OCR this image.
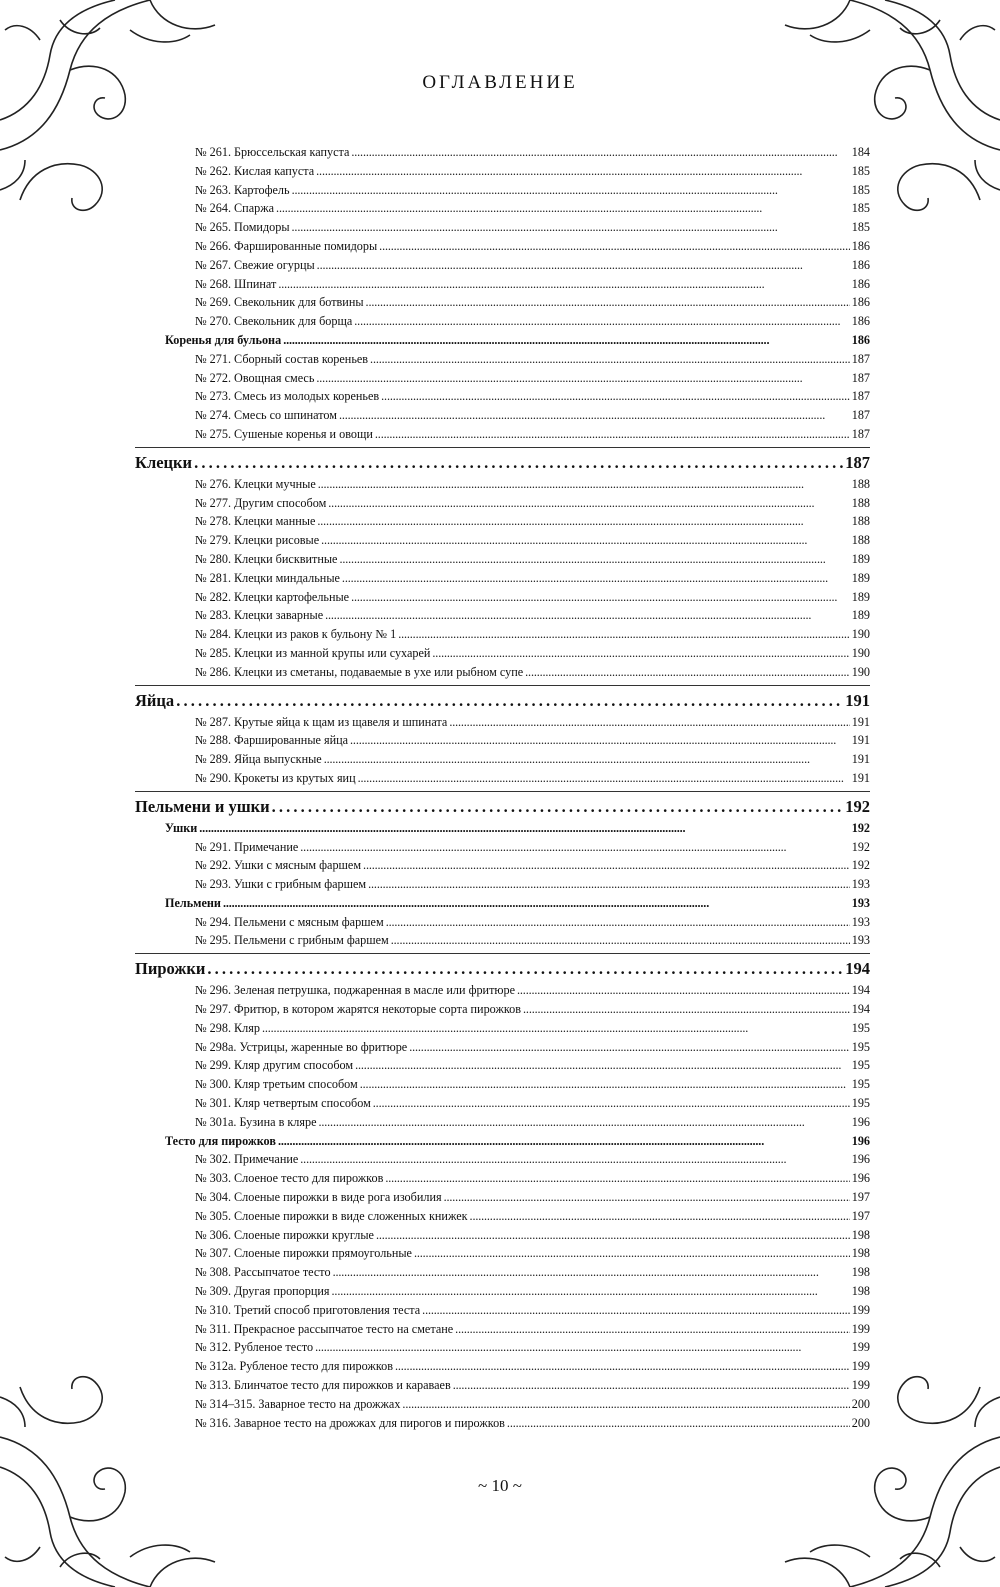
ОГЛАВЛЕНИЕ
№ 261. Брюссельская капуста . . .	184
№ 262. Кислая капуста . . .	185
№ 263. Картофель . . .	185
№ 264. Спаржа . . .	185
№ 265. Помидоры . . .	185
№ 266. Фаршированные помидоры . . .	186
№ 267. Свежие огурцы . . .	186
№ 268. Шпинат . . .	186
№ 269. Свекольник для ботвины . . .	186
№ 270. Свекольник для борща . . .	186
Коренья для бульона . . .	186
№ 271. Сборный состав кореньев . . .	187
№ 272. Овощная смесь . . .	187
№ 273. Смесь из молодых кореньев . . .	187
№ 274. Смесь со шпинатом . . .	187
№ 275. Сушеные коренья и овощи . . .	187
Клецки . . .	187
№ 276. Клецки мучные . . .	188
№ 277. Другим способом . . .	188
№ 278. Клецки манные . . .	188
№ 279. Клецки рисовые . . .	188
№ 280. Клецки бисквитные . . .	189
№ 281. Клецки миндальные . . .	189
№ 282. Клецки картофельные . . .	189
№ 283. Клецки заварные . . .	189
№ 284. Клецки из раков к бульону № 1 . . .	190
№ 285. Клецки из манной крупы или сухарей . . .	190
№ 286. Клецки из сметаны, подаваемые в ухе или рыбном супе . . .	190
Яйца . . .	191
№ 287. Крутые яйца к щам из щавеля и шпината . . .	191
№ 288. Фаршированные яйца . . .	191
№ 289. Яйца выпускные . . .	191
№ 290. Крокеты из крутых яиц . . .	191
Пельмени и ушки . . .	192
Ушки . . .	192
№ 291. Примечание . . .	192
№ 292. Ушки с мясным фаршем . . .	192
№ 293. Ушки с грибным фаршем . . .	193
Пельмени . . .	193
№ 294. Пельмени с мясным фаршем . . .	193
№ 295. Пельмени с грибным фаршем . . .	193
Пирожки . . .	194
№ 296. Зеленая петрушка, поджаренная в масле или фритюре . . .	194
№ 297. Фритюр, в котором жарятся некоторые сорта пирожков . . .	194
№ 298. Кляр . . .	195
№ 298а. Устрицы, жаренные во фритюре . . .	195
№ 299. Кляр другим способом . . .	195
№ 300. Кляр третьим способом . . .	195
№ 301. Кляр четвертым способом . . .	195
№ 301а. Бузина в кляре . . .	196
Тесто для пирожков . . .	196
№ 302. Примечание . . .	196
№ 303. Слоеное тесто для пирожков . . .	196
№ 304. Слоеные пирожки в виде рога изобилия . . .	197
№ 305. Слоеные пирожки в виде сложенных книжек . . .	197
№ 306. Слоеные пирожки круглые . . .	198
№ 307. Слоеные пирожки прямоугольные . . .	198
№ 308. Рассыпчатое тесто . . .	198
№ 309. Другая пропорция . . .	198
№ 310. Третий способ приготовления теста . . .	199
№ 311. Прекрасное рассыпчатое тесто на сметане . . .	199
№ 312. Рубленое тесто . . .	199
№ 312а. Рубленое тесто для пирожков . . .	199
№ 313. Блинчатое тесто для пирожков и караваев . . .	199
№ 314–315. Заварное тесто на дрожжах . . .	200
№ 316. Заварное тесто на дрожжах для пирогов и пирожков . . .	200
~ 10 ~
